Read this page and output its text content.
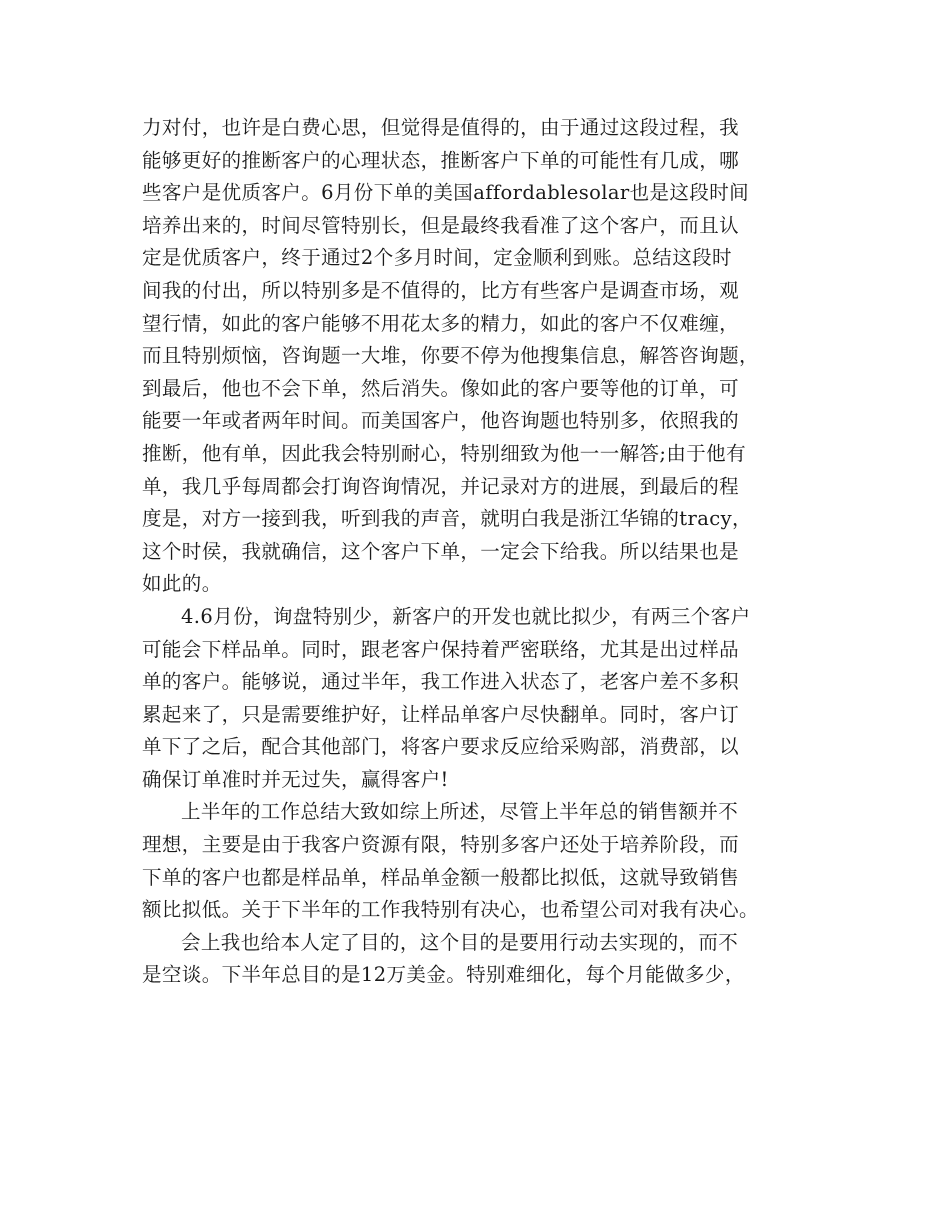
力对付，也许是白费心思，但觉得是值得的，由于通过这段过程，我
能够更好的推断客户的心理状态，推断客户下单的可能性有几成，哪
些客户是优质客户。6月份下单的美国affordablesolar也是这段时间
培养出来的，时间尽管特别长，但是最终我看准了这个客户，而且认
定是优质客户，终于通过2个多月时间，定金顺利到账。总结这段时
间我的付出，所以特别多是不值得的，比方有些客户是调查市场，观
望行情，如此的客户能够不用花太多的精力，如此的客户不仅难缠，
而且特别烦恼，咨询题一大堆，你要不停为他搜集信息，解答咨询题，
到最后，他也不会下单，然后消失。像如此的客户要等他的订单，可
能要一年或者两年时间。而美国客户，他咨询题也特别多，依照我的
推断，他有单，因此我会特别耐心，特别细致为他一一解答;由于他有
单，我几乎每周都会打询咨询情况，并记录对方的进展，到最后的程
度是，对方一接到我，听到我的声音，就明白我是浙江华锦的tracy，
这个时侯，我就确信，这个客户下单，一定会下给我。所以结果也是
如此的。
4.6月份，询盘特别少，新客户的开发也就比拟少，有两三个客户
可能会下样品单。同时，跟老客户保持着严密联络，尤其是出过样品
单的客户。能够说，通过半年，我工作进入状态了，老客户差不多积
累起来了，只是需要维护好，让样品单客户尽快翻单。同时，客户订
单下了之后，配合其他部门，将客户要求反应给采购部，消费部，以
确保订单准时并无过失，赢得客户!
上半年的工作总结大致如综上所述，尽管上半年总的销售额并不
理想，主要是由于我客户资源有限，特别多客户还处于培养阶段，而
下单的客户也都是样品单，样品单金额一般都比拟低，这就导致销售
额比拟低。关于下半年的工作我特别有决心，也希望公司对我有决心。
会上我也给本人定了目的，这个目的是要用行动去实现的，而不
是空谈。下半年总目的是12万美金。特别难细化，每个月能做多少，
